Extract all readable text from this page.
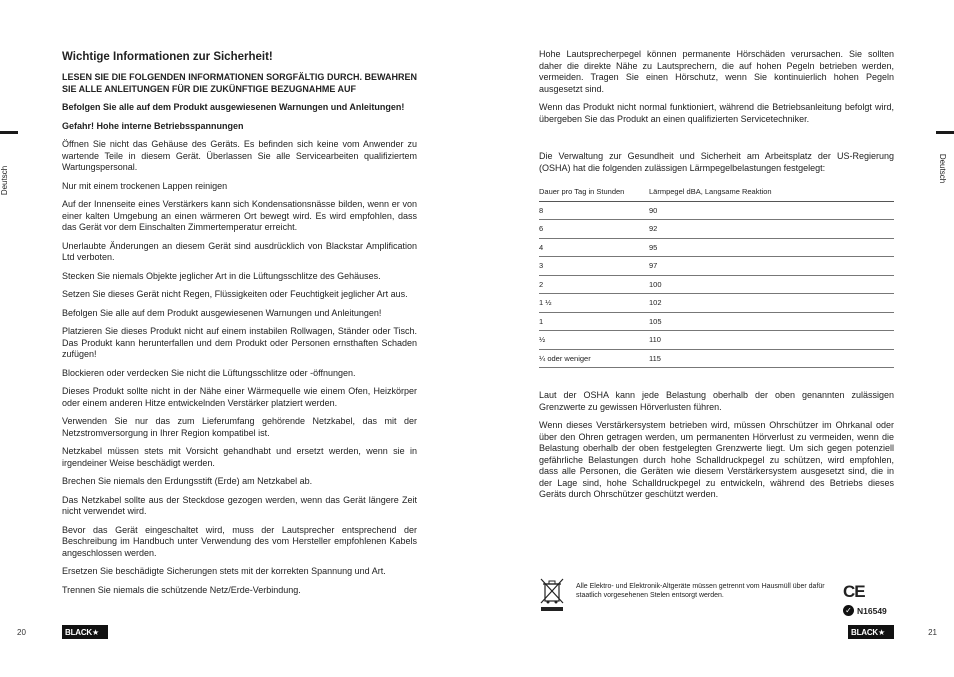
Deutsch
Wichtige Informationen zur Sicherheit!

LESEN SIE DIE FOLGENDEN INFORMATIONEN SORGFÄLTIG DURCH. BEWAHREN SIE ALLE ANLEITUNGEN FÜR DIE ZUKÜNFTIGE BEZUGNAHME AUF

Befolgen Sie alle auf dem Produkt ausgewiesenen Warnungen und Anleitungen!

Gefahr! Hohe interne Betriebsspannungen

Öffnen Sie nicht das Gehäuse des Geräts. Es befinden sich keine vom Anwender zu wartende Teile in diesem Gerät. Überlassen Sie alle Servicearbeiten qualifiziertem Wartungspersonal.

Nur mit einem trockenen Lappen reinigen

Auf der Innenseite eines Verstärkers kann sich Kondensationsnässe bilden, wenn er von einer kalten Umgebung an einen wärmeren Ort bewegt wird. Es wird empfohlen, dass das Gerät vor dem Einschalten Zimmertemperatur erreicht.

Unerlaubte Änderungen an diesem Gerät sind ausdrücklich von Blackstar Amplification Ltd verboten.

Stecken Sie niemals Objekte jeglicher Art in die Lüftungsschlitze des Gehäuses.

Setzen Sie dieses Gerät nicht Regen, Flüssigkeiten oder Feuchtigkeit jeglicher Art aus.

Befolgen Sie alle auf dem Produkt ausgewiesenen Warnungen und Anleitungen!

Platzieren Sie dieses Produkt nicht auf einem instabilen Rollwagen, Ständer oder Tisch. Das Produkt kann herunterfallen und dem Produkt oder Personen ernsthaften Schaden zufügen!

Blockieren oder verdecken Sie nicht die Lüftungsschlitze oder -öffnungen.

Dieses Produkt sollte nicht in der Nähe einer Wärmequelle wie einem Ofen, Heizkörper oder einem anderen Hitze entwickelnden Verstärker platziert werden.

Verwenden Sie nur das zum Lieferumfang gehörende Netzkabel, das mit der Netzstromversorgung in Ihrer Region kompatibel ist.

Netzkabel müssen stets mit Vorsicht gehandhabt und ersetzt werden, wenn sie in irgendeiner Weise beschädigt werden.

Brechen Sie niemals den Erdungsstift (Erde) am Netzkabel ab.

Das Netzkabel sollte aus der Steckdose gezogen werden, wenn das Gerät längere Zeit nicht verwendet wird.

Bevor das Gerät eingeschaltet wird, muss der Lautsprecher entsprechend der Beschreibung im Handbuch unter Verwendung des vom Hersteller empfohlenen Kabels angeschlossen werden.

Ersetzen Sie beschädigte Sicherungen stets mit der korrekten Spannung und Art.

Trennen Sie niemals die schützende Netz/Erde-Verbindung.

20	BLACK★
Deutsch

Hohe Lautsprecherpegel können permanente Hörschäden verursachen. Sie sollten daher die direkte Nähe zu Lautsprechern, die auf hohen Pegeln betrieben werden, vermeiden. Tragen Sie einen Hörschutz, wenn Sie kontinuierlich hohen Pegeln ausgesetzt sind.

Wenn das Produkt nicht normal funktioniert, während die Betriebsanleitung befolgt wird, übergeben Sie das Produkt an einen qualifizierten Servicetechniker.

Die Verwaltung zur Gesundheit und Sicherheit am Arbeitsplatz der US-Regierung (OSHA) hat die folgenden zulässigen Lärmpegelbelastungen festgelegt:

Dauer pro Tag in Stunden	Lärmpegel dBA, Langsame Reaktion
8	90
6	92
4	95
3	97
2	100
1 ½	102
1	105
½	110
¼ oder weniger	115

Laut der OSHA kann jede Belastung oberhalb der oben genannten zulässigen Grenzwerte zu gewissen Hörverlusten führen.

Wenn dieses Verstärkersystem betrieben wird, müssen Ohrschützer im Ohrkanal oder über den Ohren getragen werden, um permanenten Hörverlust zu vermeiden, wenn die Belastung oberhalb der oben festgelegten Grenzwerte liegt. Um sich gegen potenziell gefährliche Belastungen durch hohe Schalldruckpegel zu schützen, wird empfohlen, dass alle Personen, die Geräten wie diesem Verstärkersystem ausgesetzt sind, die in der Lage sind, hohe Schalldruckpegel zu entwickeln, während des Betriebs dieses Geräts durch Ohrschützer geschützt werden.

Alle Elektro- und Elektronik-Altgeräte müssen getrennt vom Hausmüll über dafür staatlich vorgesehenen Stelen entsorgt werden.	CE
✓ N16549
21
BLACK★
